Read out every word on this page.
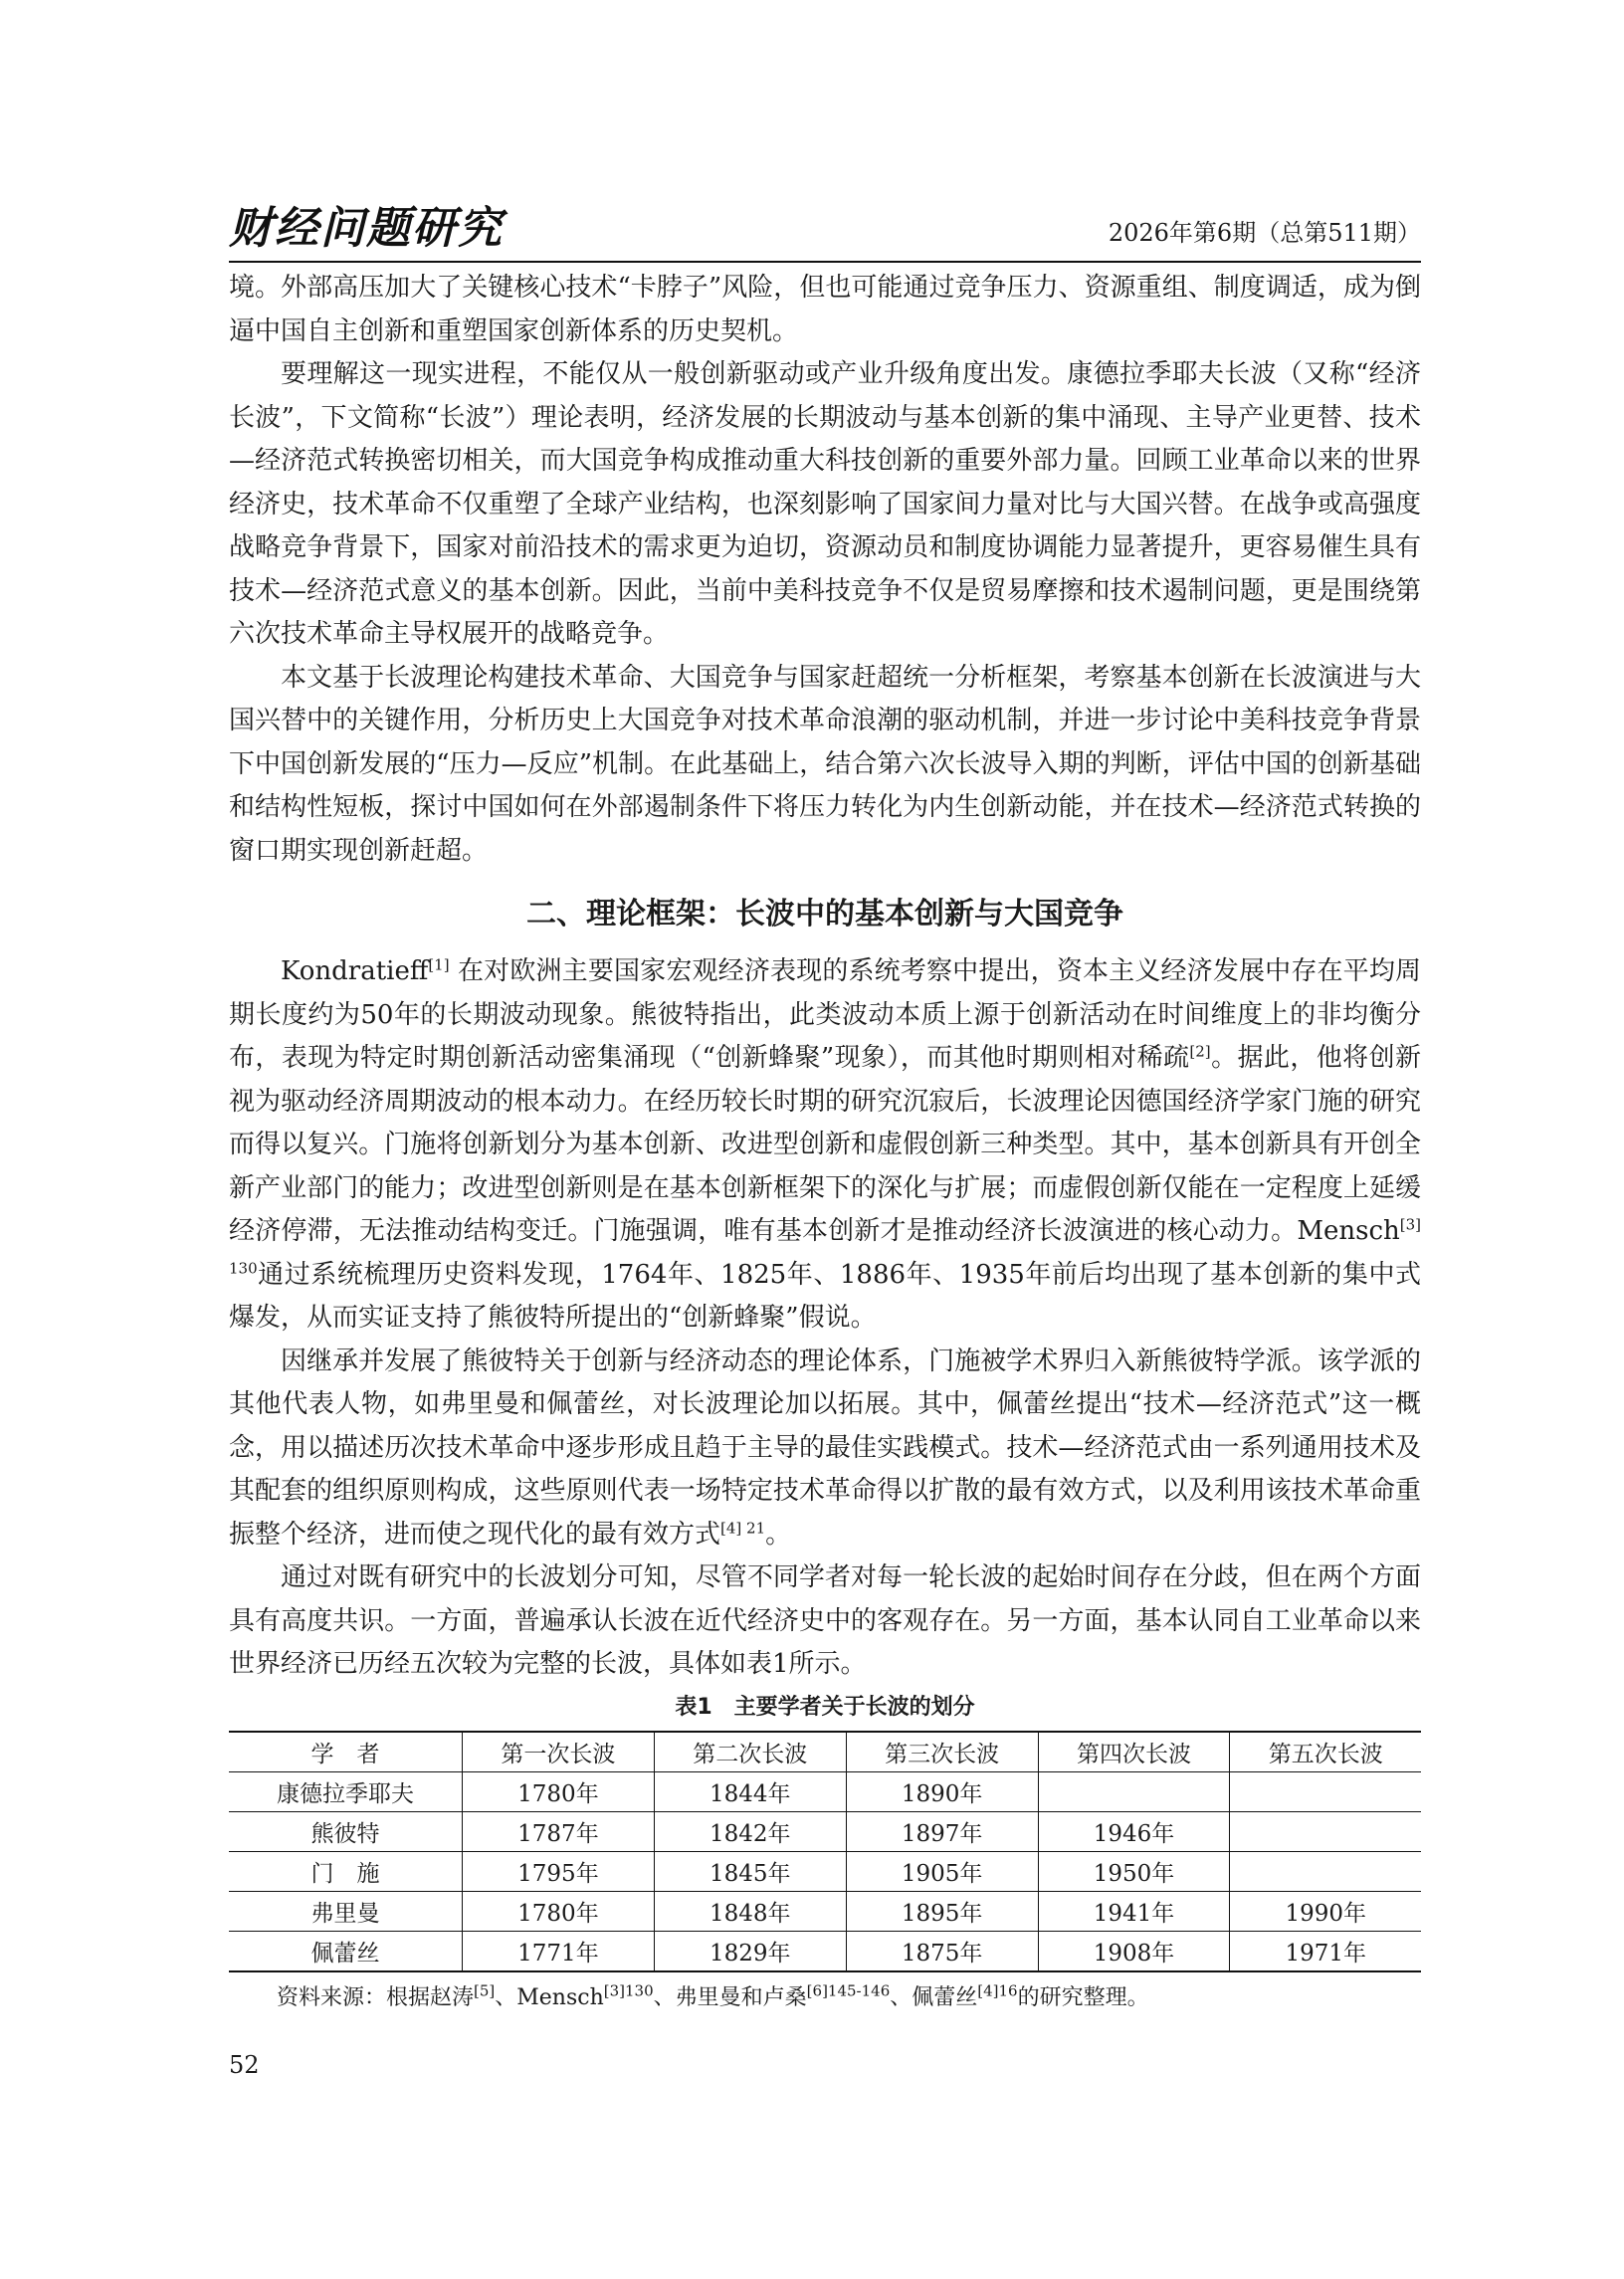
财经问题研究	2026年第6期（总第511期）

境。外部高压加大了关键核心技术“卡脖子”风险，但也可能通过竞争压力、资源重组、制度调适，成为倒逼中国自主创新和重塑国家创新体系的历史契机。

要理解这一现实进程，不能仅从一般创新驱动或产业升级角度出发。康德拉季耶夫长波（又称“经济长波”，下文简称“长波”）理论表明，经济发展的长期波动与基本创新的集中涌现、主导产业更替、技术—经济范式转换密切相关，而大国竞争构成推动重大科技创新的重要外部力量。回顾工业革命以来的世界经济史，技术革命不仅重塑了全球产业结构，也深刻影响了国家间力量对比与大国兴替。在战争或高强度战略竞争背景下，国家对前沿技术的需求更为迫切，资源动员和制度协调能力显著提升，更容易催生具有技术—经济范式意义的基本创新。因此，当前中美科技竞争不仅是贸易摩擦和技术遏制问题，更是围绕第六次技术革命主导权展开的战略竞争。

本文基于长波理论构建技术革命、大国竞争与国家赶超统一分析框架，考察基本创新在长波演进与大国兴替中的关键作用，分析历史上大国竞争对技术革命浪潮的驱动机制，并进一步讨论中美科技竞争背景下中国创新发展的“压力—反应”机制。在此基础上，结合第六次长波导入期的判断，评估中国的创新基础和结构性短板，探讨中国如何在外部遏制条件下将压力转化为内生创新动能，并在技术—经济范式转换的窗口期实现创新赶超。

二、理论框架：长波中的基本创新与大国竞争

Kondratieff[1] 在对欧洲主要国家宏观经济表现的系统考察中提出，资本主义经济发展中存在平均周期长度约为50年的长期波动现象。熊彼特指出，此类波动本质上源于创新活动在时间维度上的非均衡分布，表现为特定时期创新活动密集涌现（“创新蜂聚”现象），而其他时期则相对稀疏[2]。据此，他将创新视为驱动经济周期波动的根本动力。在经历较长时期的研究沉寂后，长波理论因德国经济学家门施的研究而得以复兴。门施将创新划分为基本创新、改进型创新和虚假创新三种类型。其中，基本创新具有开创全新产业部门的能力；改进型创新则是在基本创新框架下的深化与扩展；而虚假创新仅能在一定程度上延缓经济停滞，无法推动结构变迁。门施强调，唯有基本创新才是推动经济长波演进的核心动力。Mensch$^{[3] 130}$通过系统梳理历史资料发现，1764年、1825年、1886年、1935年前后均出现了基本创新的集中式爆发，从而实证支持了熊彼特所提出的“创新蜂聚”假说。

因继承并发展了熊彼特关于创新与经济动态的理论体系，门施被学术界归入新熊彼特学派。该学派的其他代表人物，如弗里曼和佩蕾丝，对长波理论加以拓展。其中，佩蕾丝提出“技术—经济范式”这一概念，用以描述历次技术革命中逐步形成且趋于主导的最佳实践模式。技术—经济范式由一系列通用技术及其配套的组织原则构成，这些原则代表一场特定技术革命得以扩散的最有效方式，以及利用该技术革命重振整个经济，进而使之现代化的最有效方式$^{[4] 21}$。

通过对既有研究中的长波划分可知，尽管不同学者对每一轮长波的起始时间存在分歧，但在两个方面具有高度共识。一方面，普遍承认长波在近代经济史中的客观存在。另一方面，基本认同自工业革命以来世界经济已历经五次较为完整的长波，具体如表1所示。

表1　主要学者关于长波的划分
学　者	第一次长波	第二次长波	第三次长波	第四次长波	第五次长波
康德拉季耶夫	1780年	1844年	1890年		
熊彼特	1787年	1842年	1897年	1946年	
门　施	1795年	1845年	1905年	1950年	
弗里曼	1780年	1848年	1895年	1941年	1990年
佩蕾丝	1771年	1829年	1875年	1908年	1971年
资料来源：根据赵涛[5]、Mensch$^{[3]130}$、弗里曼和卢桑$^{[6]145-146}$、佩蕾丝$^{[4]16}$的研究整理。
52
